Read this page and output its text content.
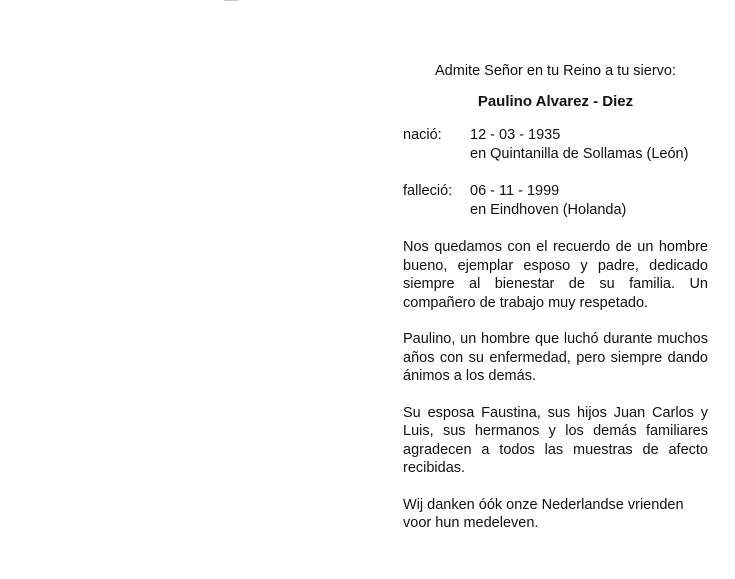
Admite Señor en tu Reino a tu siervo:
Paulino Alvarez - Diez
nació:	12 - 03 - 1935
en Quintanilla de Sollamas (León)
falleció:	06 - 11 - 1999
en Eindhoven (Holanda)

Nos quedamos con el recuerdo de un hombre bueno, ejemplar esposo y padre, dedicado siempre al bienestar de su familia. Un compañero de trabajo muy respetado.

Paulino, un hombre que luchó durante muchos años con su enfermedad, pero siempre dando ánimos a los demás.

Su esposa Faustina, sus hijos Juan Carlos y Luis, sus hermanos y los demás familiares agradecen a todos las muestras de afecto recibidas.

Wij danken óók onze Nederlandse vrienden voor hun medeleven.
